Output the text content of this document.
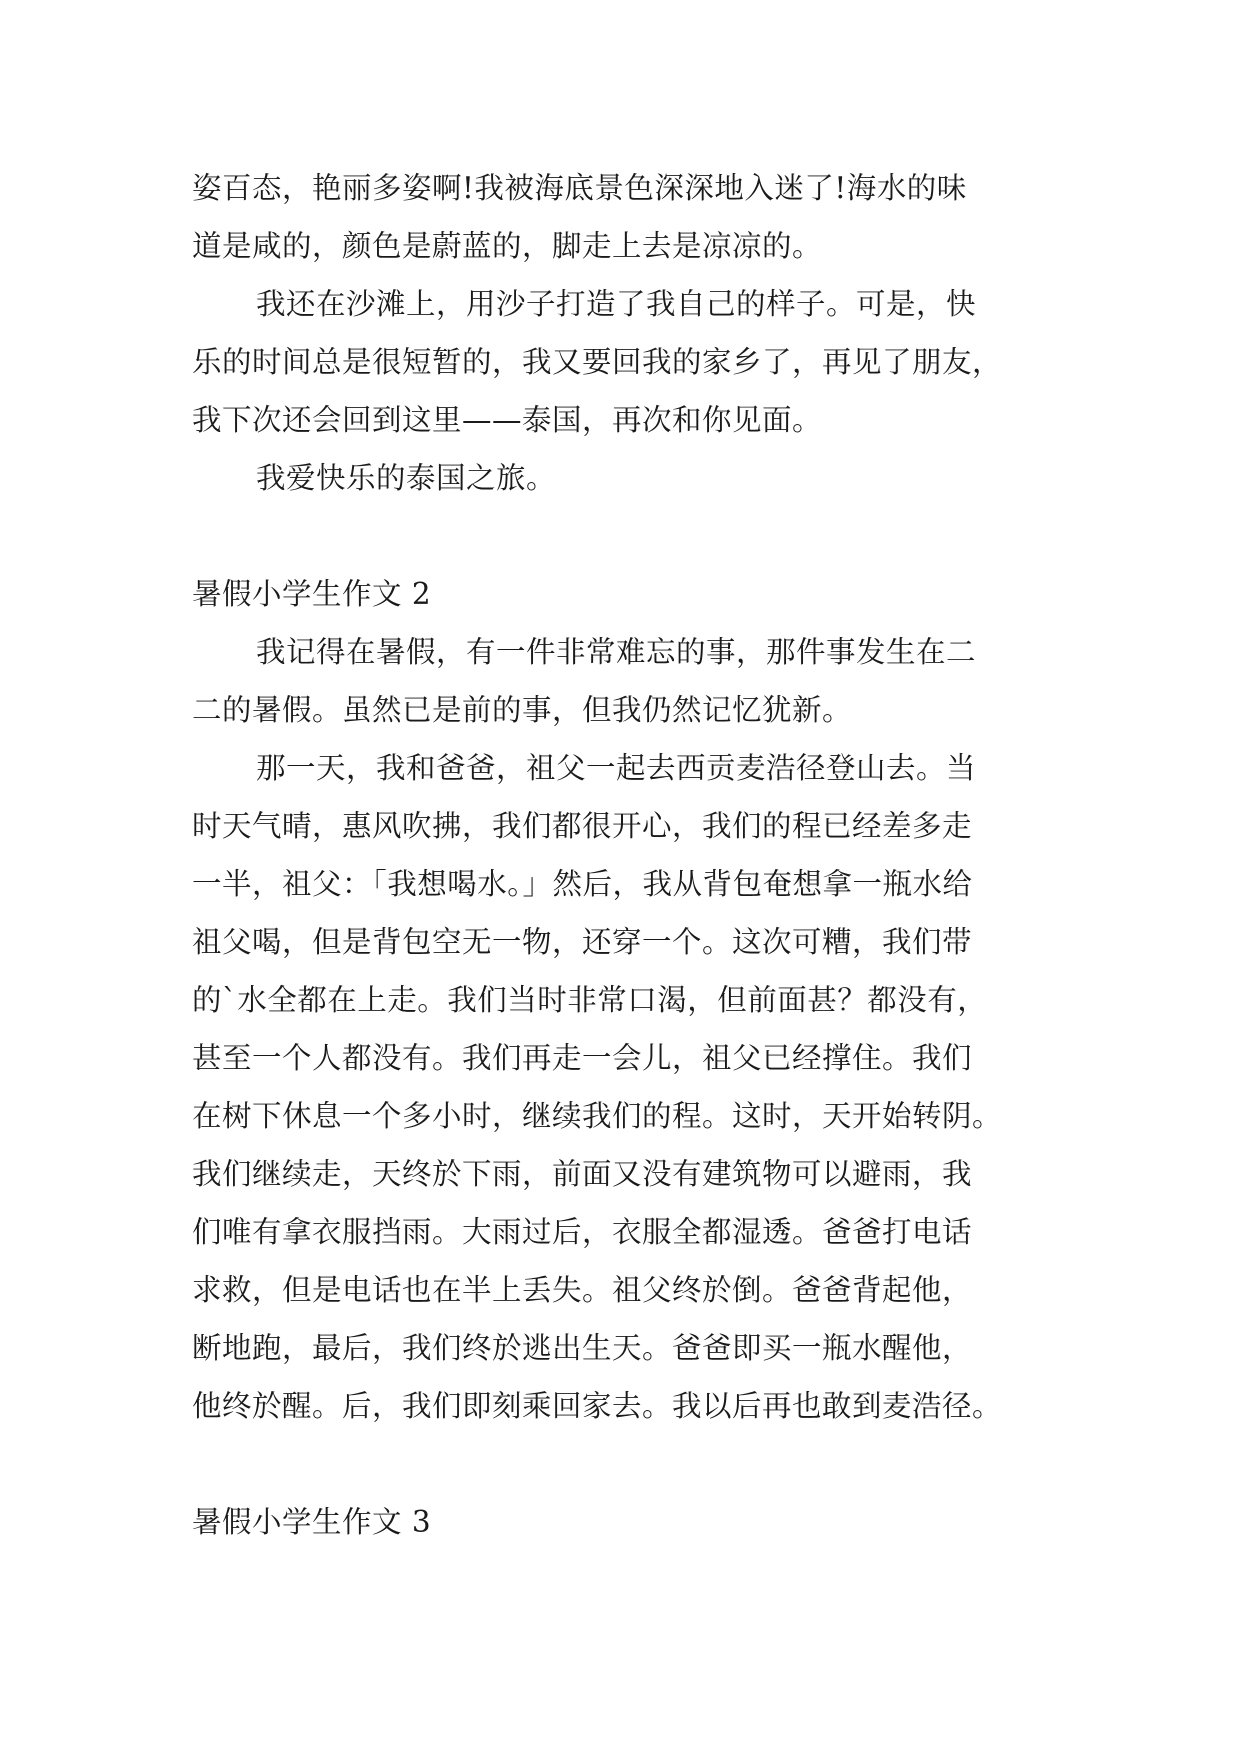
姿百态，艳丽多姿啊!我被海底景色深深地入迷了!海水的味
道是咸的，颜色是蔚蓝的，脚走上去是凉凉的。
我还在沙滩上，用沙子打造了我自己的样子。可是，快
乐的时间总是很短暂的，我又要回我的家乡了，再见了朋友，
我下次还会回到这里——泰国，再次和你见面。
我爱快乐的泰国之旅。
暑假小学生作文 2
我记得在暑假，有一件非常难忘的事，那件事发生在二
二的暑假。虽然已是前的事，但我仍然记忆犹新。
那一天，我和爸爸，祖父一起去西贡麦浩径登山去。当
时天气晴，惠风吹拂，我们都很开心，我们的程已经差多走
一半，祖父：「我想喝水。」然后，我从背包奄想拿一瓶水给
祖父喝，但是背包空无一物，还穿一个。这次可糟，我们带
的`水全都在上走。我们当时非常口渴，但前面甚？都没有，
甚至一个人都没有。我们再走一会儿，祖父已经撑住。我们
在树下休息一个多小时，继续我们的程。这时，天开始转阴。
我们继续走，天终於下雨，前面又没有建筑物可以避雨，我
们唯有拿衣服挡雨。大雨过后，衣服全都湿透。爸爸打电话
求救，但是电话也在半上丢失。祖父终於倒。爸爸背起他，
断地跑，最后，我们终於逃出生天。爸爸即买一瓶水醒他，
他终於醒。后，我们即刻乘回家去。我以后再也敢到麦浩径。
暑假小学生作文 3
